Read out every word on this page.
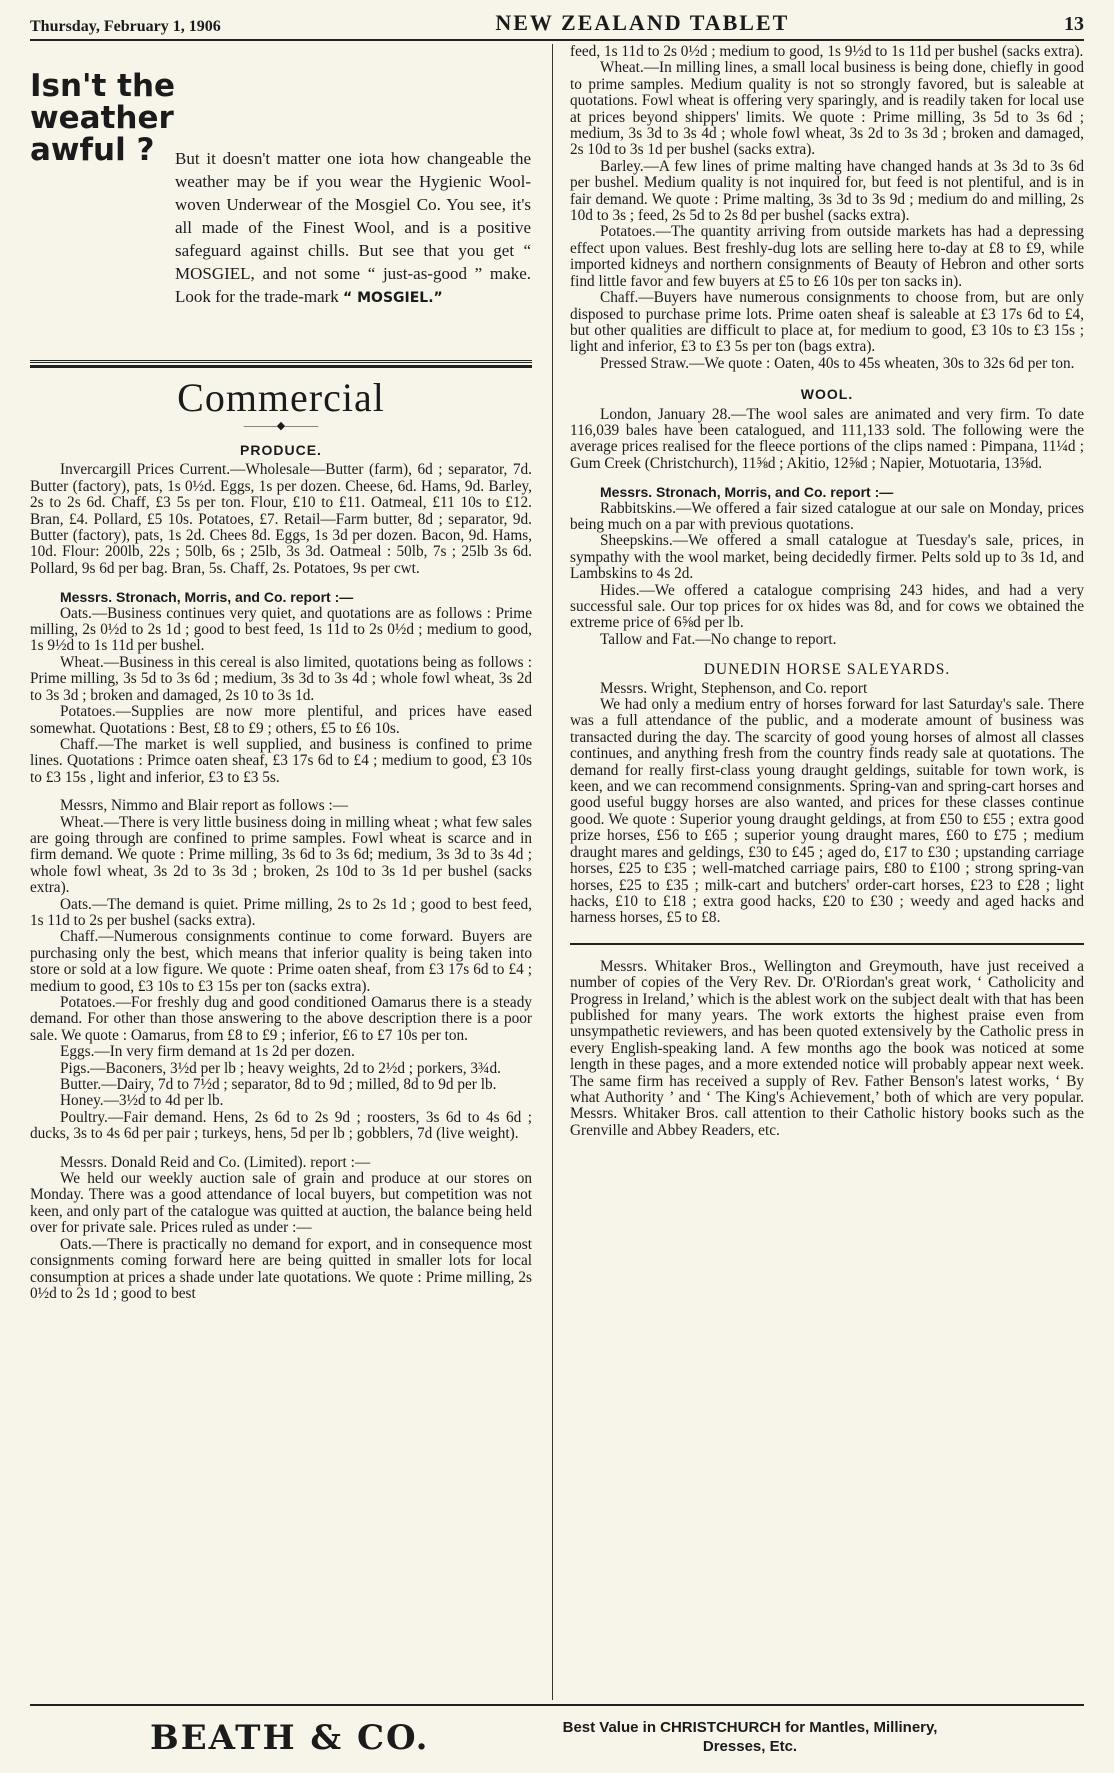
Thursday, February 1, 1906	NEW ZEALAND TABLET	13
Isn't the
weather
awful ?	But it doesn't matter one iota how changeable the weather may be if you wear the Hygienic Wool-woven Underwear of the Mosgiel Co. You see, it's all made of the Finest Wool, and is a positive safeguard against chills. But see that you get “ MOSGIEL, and not some “ just-as-good ” make. Look for the trade-mark “ MOSGIEL.”
Commercial
———◆———
PRODUCE.

Invercargill Prices Current.—Wholesale—Butter (farm), 6d ; separator, 7d. Butter (factory), pats, 1s 0½d. Eggs, 1s per dozen. Cheese, 6d. Hams, 9d. Barley, 2s to 2s 6d. Chaff, £3 5s per ton. Flour, £10 to £11. Oatmeal, £11 10s to £12. Bran, £4. Pollard, £5 10s. Potatoes, £7. Retail—Farm butter, 8d ; separator, 9d. Butter (factory), pats, 1s 2d. Chees 8d. Eggs, 1s 3d per dozen. Bacon, 9d. Hams, 10d. Flour: 200lb, 22s ; 50lb, 6s ; 25lb, 3s 3d. Oatmeal : 50lb, 7s ; 25lb 3s 6d. Pollard, 9s 6d per bag. Bran, 5s. Chaff, 2s. Potatoes, 9s per cwt.

Messrs. Stronach, Morris, and Co. report :—

Oats.—Business continues very quiet, and quotations are as follows : Prime milling, 2s 0½d to 2s 1d ; good to best feed, 1s 11d to 2s 0½d ; medium to good, 1s 9½d to 1s 11d per bushel.

Wheat.—Business in this cereal is also limited, quotations being as follows : Prime milling, 3s 5d to 3s 6d ; medium, 3s 3d to 3s 4d ; whole fowl wheat, 3s 2d to 3s 3d ; broken and damaged, 2s 10 to 3s 1d.

Potatoes.—Supplies are now more plentiful, and prices have eased somewhat. Quotations : Best, £8 to £9 ; others, £5 to £6 10s.

Chaff.—The market is well supplied, and business is confined to prime lines. Quotations : Primce oaten sheaf, £3 17s 6d to £4 ; medium to good, £3 10s to £3 15s , light and inferior, £3 to £3 5s.

Messrs, Nimmo and Blair report as follows :—

Wheat.—There is very little business doing in milling wheat ; what few sales are going through are confined to prime samples. Fowl wheat is scarce and in firm demand. We quote : Prime milling, 3s 6d to 3s 6d; medium, 3s 3d to 3s 4d ; whole fowl wheat, 3s 2d to 3s 3d ; broken, 2s 10d to 3s 1d per bushel (sacks extra).

Oats.—The demand is quiet. Prime milling, 2s to 2s 1d ; good to best feed, 1s 11d to 2s per bushel (sacks extra).

Chaff.—Numerous consignments continue to come forward. Buyers are purchasing only the best, which means that inferior quality is being taken into store or sold at a low figure. We quote : Prime oaten sheaf, from £3 17s 6d to £4 ; medium to good, £3 10s to £3 15s per ton (sacks extra).

Potatoes.—For freshly dug and good conditioned Oamarus there is a steady demand. For other than those answering to the above description there is a poor sale. We quote : Oamarus, from £8 to £9 ; inferior, £6 to £7 10s per ton.

Eggs.—In very firm demand at 1s 2d per dozen.

Pigs.—Baconers, 3½d per lb ; heavy weights, 2d to 2½d ; porkers, 3¾d.

Butter.—Dairy, 7d to 7½d ; separator, 8d to 9d ; milled, 8d to 9d per lb.

Honey.—3½d to 4d per lb.

Poultry.—Fair demand. Hens, 2s 6d to 2s 9d ; roosters, 3s 6d to 4s 6d ; ducks, 3s to 4s 6d per pair ; turkeys, hens, 5d per lb ; gobblers, 7d (live weight).

Messrs. Donald Reid and Co. (Limited). report :—

We held our weekly auction sale of grain and produce at our stores on Monday. There was a good attendance of local buyers, but competition was not keen, and only part of the catalogue was quitted at auction, the balance being held over for private sale. Prices ruled as under :—

Oats.—There is practically no demand for export, and in consequence most consignments coming forward here are being quitted in smaller lots for local consumption at prices a shade under late quotations. We quote : Prime milling, 2s 0½d to 2s 1d ; good to best

feed, 1s 11d to 2s 0½d ; medium to good, 1s 9½d to 1s 11d per bushel (sacks extra).

Wheat.—In milling lines, a small local business is being done, chiefly in good to prime samples. Medium quality is not so strongly favored, but is saleable at quotations. Fowl wheat is offering very sparingly, and is readily taken for local use at prices beyond shippers' limits. We quote : Prime milling, 3s 5d to 3s 6d ; medium, 3s 3d to 3s 4d ; whole fowl wheat, 3s 2d to 3s 3d ; broken and damaged, 2s 10d to 3s 1d per bushel (sacks extra).

Barley.—A few lines of prime malting have changed hands at 3s 3d to 3s 6d per bushel. Medium quality is not inquired for, but feed is not plentiful, and is in fair demand. We quote : Prime malting, 3s 3d to 3s 9d ; medium do and milling, 2s 10d to 3s ; feed, 2s 5d to 2s 8d per bushel (sacks extra).

Potatoes.—The quantity arriving from outside markets has had a depressing effect upon values. Best freshly-dug lots are selling here to-day at £8 to £9, while imported kidneys and northern consignments of Beauty of Hebron and other sorts find little favor and few buyers at £5 to £6 10s per ton sacks in).

Chaff.—Buyers have numerous consignments to choose from, but are only disposed to purchase prime lots. Prime oaten sheaf is saleable at £3 17s 6d to £4, but other qualities are difficult to place at, for medium to good, £3 10s to £3 15s ; light and inferior, £3 to £3 5s per ton (bags extra).

Pressed Straw.—We quote : Oaten, 40s to 45s wheaten, 30s to 32s 6d per ton.

WOOL.

London, January 28.—The wool sales are animated and very firm. To date 116,039 bales have been catalogued, and 111,133 sold. The following were the average prices realised for the fleece portions of the clips named : Pimpana, 11¼d ; Gum Creek (Christchurch), 11⅝d ; Akitio, 12⅝d ; Napier, Motuotaria, 13⅝d.

Messrs. Stronach, Morris, and Co. report :—

Rabbitskins.—We offered a fair sized catalogue at our sale on Monday, prices being much on a par with previous quotations.

Sheepskins.—We offered a small catalogue at Tuesday's sale, prices, in sympathy with the wool market, being decidedly firmer. Pelts sold up to 3s 1d, and Lambskins to 4s 2d.

Hides.—We offered a catalogue comprising 243 hides, and had a very successful sale. Our top prices for ox hides was 8d, and for cows we obtained the extreme price of 6⅝d per lb.

Tallow and Fat.—No change to report.

DUNEDIN HORSE SALEYARDS.

Messrs. Wright, Stephenson, and Co. report

We had only a medium entry of horses forward for last Saturday's sale. There was a full attendance of the public, and a moderate amount of business was transacted during the day. The scarcity of good young horses of almost all classes continues, and anything fresh from the country finds ready sale at quotations. The demand for really first-class young draught geldings, suitable for town work, is keen, and we can recommend consignments. Spring-van and spring-cart horses and good useful buggy horses are also wanted, and prices for these classes continue good. We quote : Superior young draught geldings, at from £50 to £55 ; extra good prize horses, £56 to £65 ; superior young draught mares, £60 to £75 ; medium draught mares and geldings, £30 to £45 ; aged do, £17 to £30 ; upstanding carriage horses, £25 to £35 ; well-matched carriage pairs, £80 to £100 ; strong spring-van horses, £25 to £35 ; milk-cart and butchers' order-cart horses, £23 to £28 ; light hacks, £10 to £18 ; extra good hacks, £20 to £30 ; weedy and aged hacks and harness horses, £5 to £8.

Messrs. Whitaker Bros., Wellington and Greymouth, have just received a number of copies of the Very Rev. Dr. O'Riordan's great work, ‘ Catholicity and Progress in Ireland,’ which is the ablest work on the subject dealt with that has been published for many years. The work extorts the highest praise even from unsympathetic reviewers, and has been quoted extensively by the Catholic press in every English-speaking land. A few months ago the book was noticed at some length in these pages, and a more extended notice will probably appear next week. The same firm has received a supply of Rev. Father Benson's latest works, ‘ By what Authority ’ and ‘ The King's Achievement,’ both of which are very popular. Messrs. Whitaker Bros. call attention to their Catholic history books such as the Grenville and Abbey Readers, etc.

BEATH & CO.	Best Value in CHRISTCHURCH for Mantles, Millinery,
Dresses, Etc.
